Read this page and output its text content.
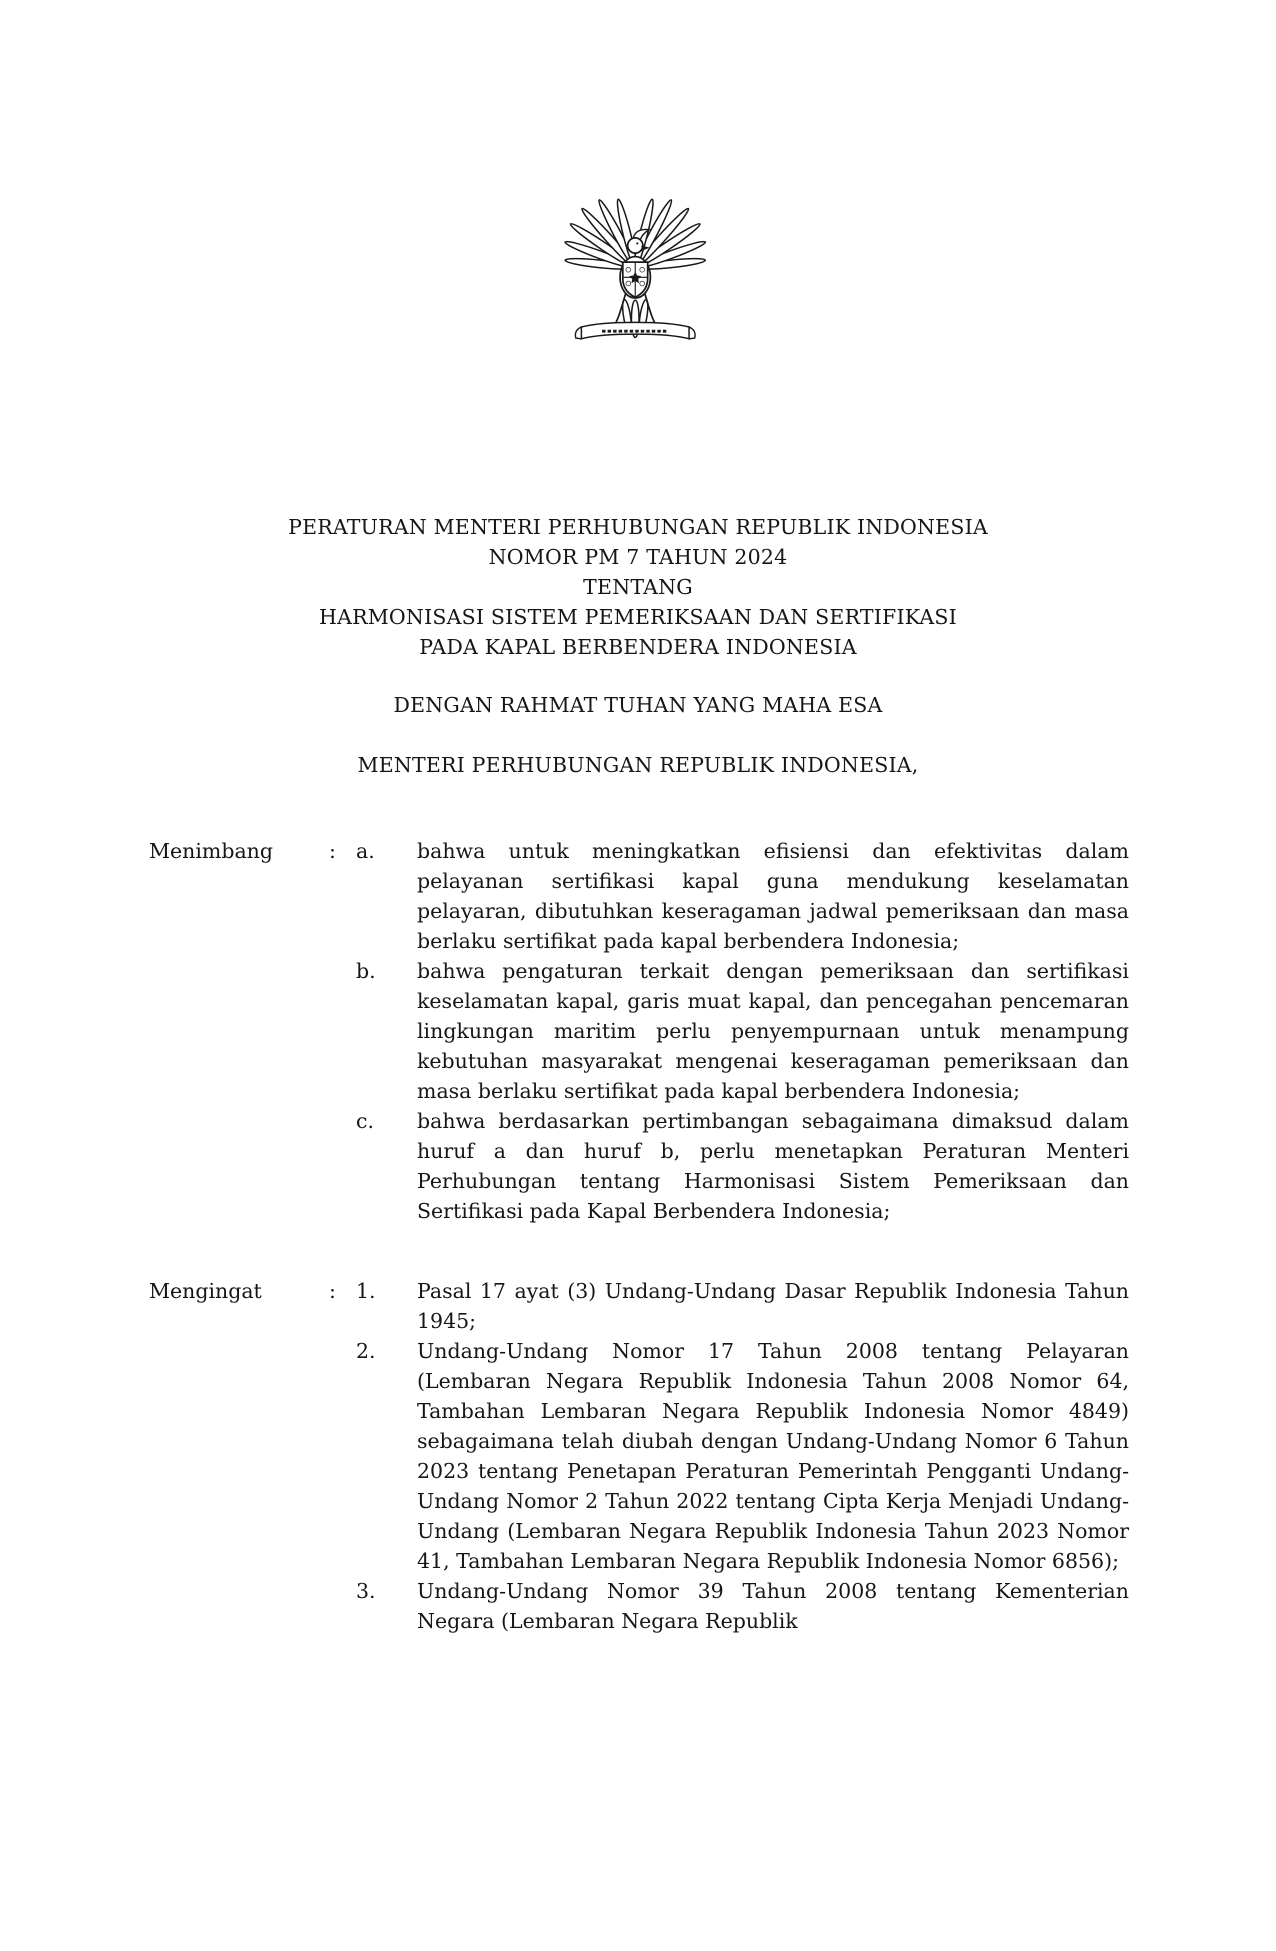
PERATURAN MENTERI PERHUBUNGAN REPUBLIK INDONESIA
NOMOR PM 7 TAHUN 2024
TENTANG
HARMONISASI SISTEM PEMERIKSAAN DAN SERTIFIKASI
PADA KAPAL BERBENDERA INDONESIA
DENGAN RAHMAT TUHAN YANG MAHA ESA
MENTERI PERHUBUNGAN REPUBLIK INDONESIA,
Menimbang	: a.	bahwa untuk meningkatkan efisiensi dan efektivitas dalam pelayanan sertifikasi kapal guna mendukung keselamatan pelayaran, dibutuhkan keseragaman jadwal pemeriksaan dan masa berlaku sertifikat pada kapal berbendera Indonesia;
b.	bahwa pengaturan terkait dengan pemeriksaan dan sertifikasi keselamatan kapal, garis muat kapal, dan pencegahan pencemaran lingkungan maritim perlu penyempurnaan untuk menampung kebutuhan masyarakat mengenai keseragaman pemeriksaan dan masa berlaku sertifikat pada kapal berbendera Indonesia;
c.	bahwa berdasarkan pertimbangan sebagaimana dimaksud dalam huruf a dan huruf b, perlu menetapkan Peraturan Menteri Perhubungan tentang Harmonisasi Sistem Pemeriksaan dan Sertifikasi pada Kapal Berbendera Indonesia;
Mengingat	: 1.	Pasal 17 ayat (3) Undang-Undang Dasar Republik Indonesia Tahun 1945;
2.	Undang-Undang Nomor 17 Tahun 2008 tentang Pelayaran (Lembaran Negara Republik Indonesia Tahun 2008 Nomor 64, Tambahan Lembaran Negara Republik Indonesia Nomor 4849) sebagaimana telah diubah dengan Undang-Undang Nomor 6 Tahun 2023 tentang Penetapan Peraturan Pemerintah Pengganti Undang-Undang Nomor 2 Tahun 2022 tentang Cipta Kerja Menjadi Undang-Undang (Lembaran Negara Republik Indonesia Tahun 2023 Nomor 41, Tambahan Lembaran Negara Republik Indonesia Nomor 6856);
3.	Undang-Undang Nomor 39 Tahun 2008 tentang Kementerian Negara (Lembaran Negara Republik
